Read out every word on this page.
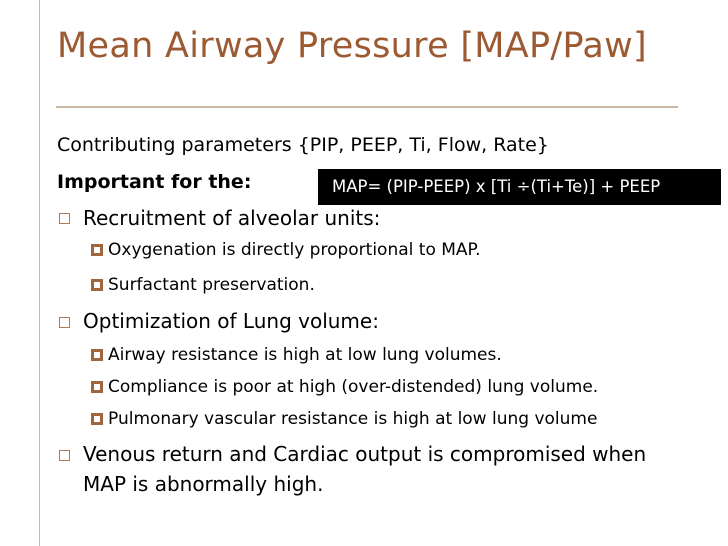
Mean Airway Pressure [MAP/Paw]
Contributing parameters {PIP, PEEP, Ti, Flow, Rate}
Important for the:	MAP= (PIP-PEEP) x [Ti ÷(Ti+Te)] + PEEP
Recruitment of alveolar units:
Oxygenation is directly proportional to MAP.
Surfactant preservation.
Optimization of Lung volume:
Airway resistance is high at low lung volumes.
Compliance is poor at high (over-distended) lung volume.
Pulmonary vascular resistance is high at low lung volume
Venous return and Cardiac output is compromised when
MAP is abnormally high.
